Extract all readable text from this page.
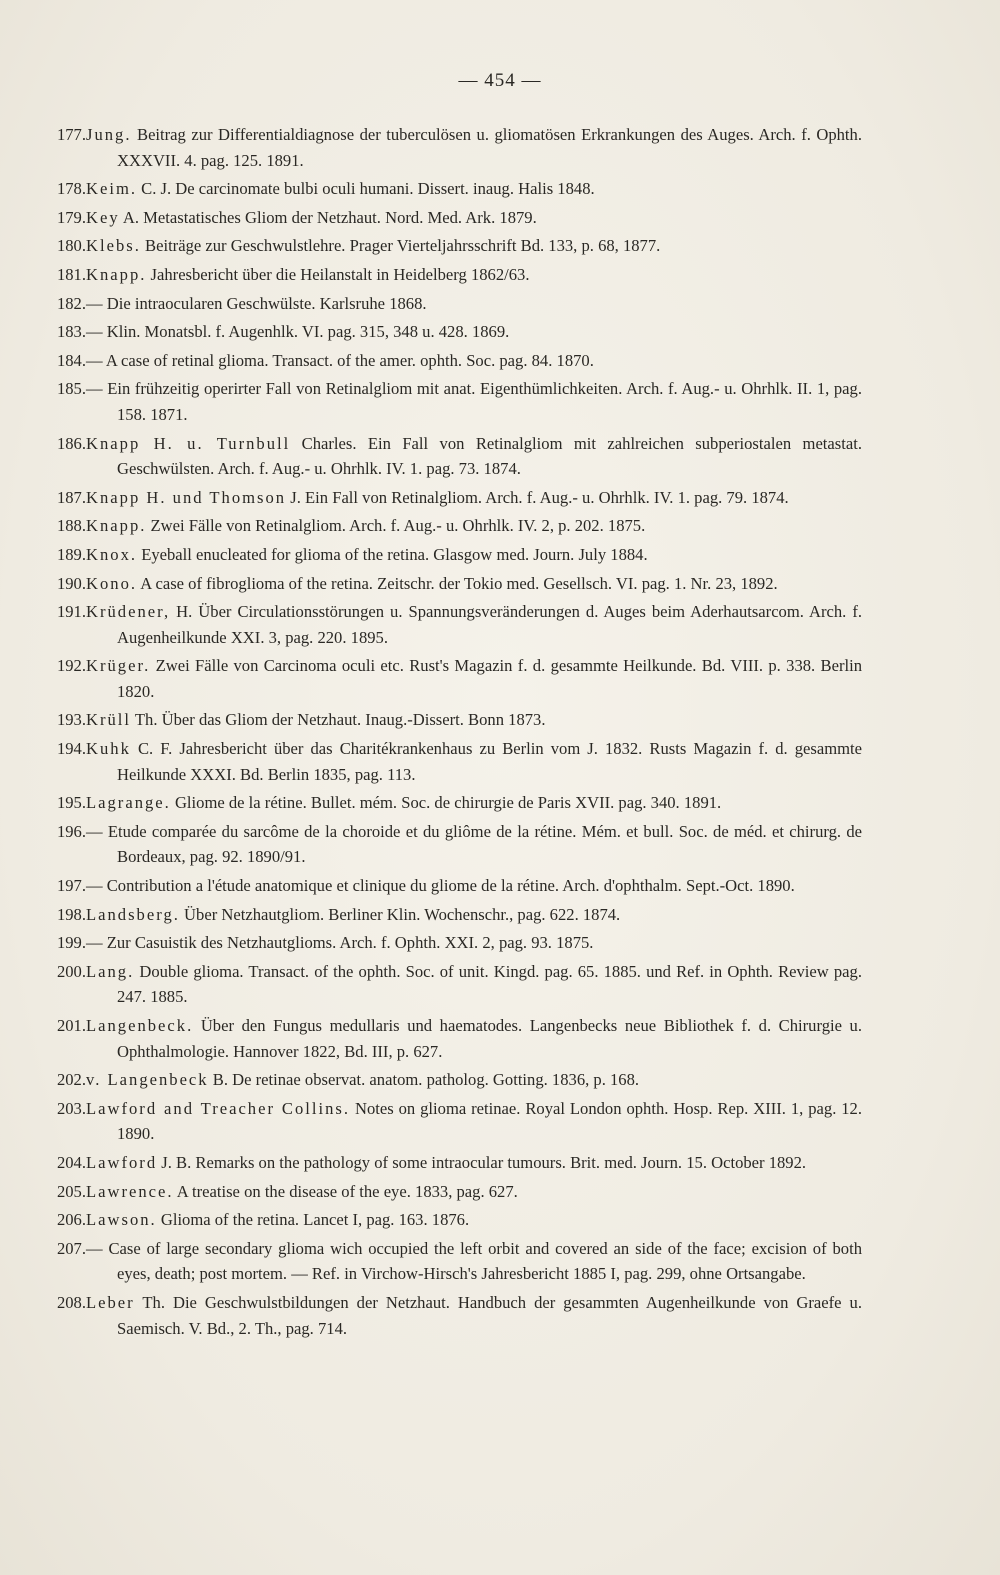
— 454 —
177. Jung. Beitrag zur Differentialdiagnose der tuberculösen u. gliomatösen Erkrankungen des Auges. Arch. f. Ophth. XXXVII. 4. pag. 125. 1891.
178. Keim. C. J. De carcinomate bulbi oculi humani. Dissert. inaug. Halis 1848.
179. Key A. Metastatisches Gliom der Netzhaut. Nord. Med. Ark. 1879.
180. Klebs. Beiträge zur Geschwulstlehre. Prager Vierteljahrsschrift Bd. 133, p. 68, 1877.
181. Knapp. Jahresbericht über die Heilanstalt in Heidelberg 1862/63.
182. — Die intraocularen Geschwülste. Karlsruhe 1868.
183. — Klin. Monatsbl. f. Augenhlk. VI. pag. 315, 348 u. 428. 1869.
184. — A case of retinal glioma. Transact. of the amer. ophth. Soc. pag. 84. 1870.
185. — Ein frühzeitig operirter Fall von Retinalgliom mit anat. Eigenthümlichkeiten. Arch. f. Aug.- u. Ohrhlk. II. 1, pag. 158. 1871.
186. Knapp H. u. Turnbull Charles. Ein Fall von Retinalgliom mit zahlreichen subperiostalen metastat. Geschwülsten. Arch. f. Aug.- u. Ohrhlk. IV. 1. pag. 73. 1874.
187. Knapp H. und Thomson J. Ein Fall von Retinalgliom. Arch. f. Aug.- u. Ohrhlk. IV. 1. pag. 79. 1874.
188. Knapp. Zwei Fälle von Retinalgliom. Arch. f. Aug.- u. Ohrhlk. IV. 2, p. 202. 1875.
189. Knox. Eyeball enucleated for glioma of the retina. Glasgow med. Journ. July 1884.
190. Kono. A case of fibroglioma of the retina. Zeitschr. der Tokio med. Gesellsch. VI. pag. 1. Nr. 23, 1892.
191. Krüdener, H. Über Circulationsstörungen u. Spannungsveränderungen d. Auges beim Aderhautsarcom. Arch. f. Augenheilkunde XXI. 3, pag. 220. 1895.
192. Krüger. Zwei Fälle von Carcinoma oculi etc. Rust's Magazin f. d. gesammte Heilkunde. Bd. VIII. p. 338. Berlin 1820.
193. Krüll Th. Über das Gliom der Netzhaut. Inaug.-Dissert. Bonn 1873.
194. Kuhk C. F. Jahresbericht über das Charitékrankenhaus zu Berlin vom J. 1832. Rusts Magazin f. d. gesammte Heilkunde XXXI. Bd. Berlin 1835, pag. 113.
195. Lagrange. Gliome de la rétine. Bullet. mém. Soc. de chirurgie de Paris XVII. pag. 340. 1891.
196. — Etude comparée du sarcôme de la choroide et du gliôme de la rétine. Mém. et bull. Soc. de méd. et chirurg. de Bordeaux, pag. 92. 1890/91.
197. — Contribution a l'étude anatomique et clinique du gliome de la rétine. Arch. d'ophthalm. Sept.-Oct. 1890.
198. Landsberg. Über Netzhautgliom. Berliner Klin. Wochenschr., pag. 622. 1874.
199. — Zur Casuistik des Netzhautglioms. Arch. f. Ophth. XXI. 2, pag. 93. 1875.
200. Lang. Double glioma. Transact. of the ophth. Soc. of unit. Kingd. pag. 65. 1885. und Ref. in Ophth. Review pag. 247. 1885.
201. Langenbeck. Über den Fungus medullaris und haematodes. Langenbecks neue Bibliothek f. d. Chirurgie u. Ophthalmologie. Hannover 1822, Bd. III, p. 627.
202. v. Langenbeck B. De retinae observat. anatom. patholog. Gotting. 1836, p. 168.
203. Lawford and Treacher Collins. Notes on glioma retinae. Royal London ophth. Hosp. Rep. XIII. 1, pag. 12. 1890.
204. Lawford J. B. Remarks on the pathology of some intraocular tumours. Brit. med. Journ. 15. October 1892.
205. Lawrence. A treatise on the disease of the eye. 1833, pag. 627.
206. Lawson. Glioma of the retina. Lancet I, pag. 163. 1876.
207. — Case of large secondary glioma wich occupied the left orbit and covered an side of the face; excision of both eyes, death; post mortem. — Ref. in Virchow-Hirsch's Jahresbericht 1885 I, pag. 299, ohne Ortsangabe.
208. Leber Th. Die Geschwulstbildungen der Netzhaut. Handbuch der gesammten Augenheilkunde von Graefe u. Saemisch. V. Bd., 2. Th., pag. 714.
